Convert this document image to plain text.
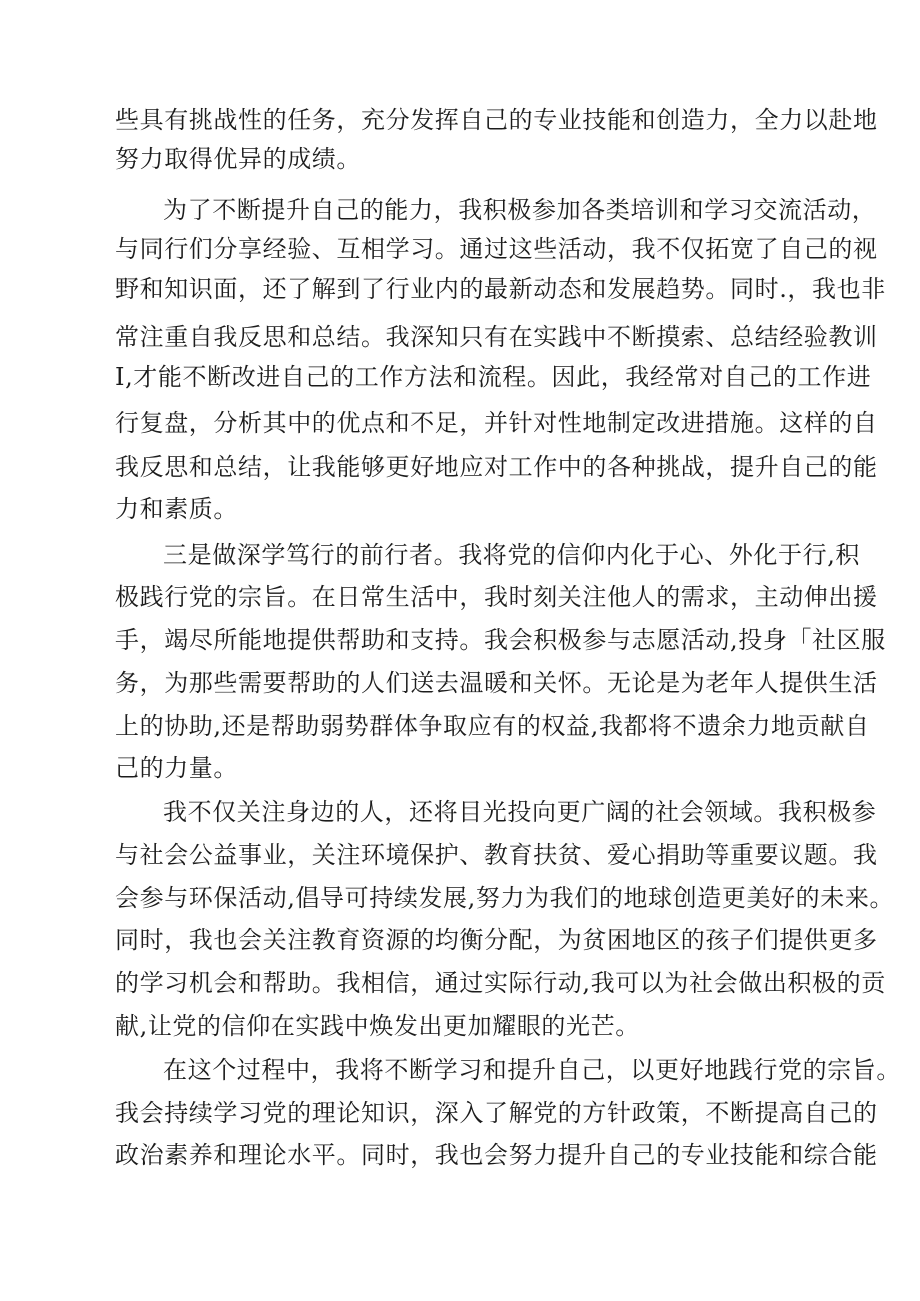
些具有挑战性的任务，充分发挥自己的专业技能和创造力，全力以赴地
努力取得优异的成绩。
为了不断提升自己的能力，我积极参加各类培训和学习交流活动，
与同行们分享经验、互相学习。通过这些活动，我不仅拓宽了自己的视
野和知识面，还了解到了行业内的最新动态和发展趋势。同时.，我也非
常注重自我反思和总结。我深知只有在实践中不断摸索、总结经验教训
I,才能不断改进自己的工作方法和流程。因此，我经常对自己的工作进
行复盘，分析其中的优点和不足，并针对性地制定改进措施。这样的自
我反思和总结，让我能够更好地应对工作中的各种挑战，提升自己的能
力和素质。
三是做深学笃行的前行者。我将党的信仰内化于心、外化于行,积
极践行党的宗旨。在日常生活中，我时刻关注他人的需求，主动伸出援
手，竭尽所能地提供帮助和支持。我会积极参与志愿活动,投身「社区服
务，为那些需要帮助的人们送去温暖和关怀。无论是为老年人提供生活
上的协助,还是帮助弱势群体争取应有的权益,我都将不遗余力地贡献自
己的力量。
我不仅关注身边的人，还将目光投向更广阔的社会领域。我积极参
与社会公益事业，关注环境保护、教育扶贫、爱心捐助等重要议题。我
会参与环保活动,倡导可持续发展,努力为我们的地球创造更美好的未来。
同时，我也会关注教育资源的均衡分配，为贫困地区的孩子们提供更多
的学习机会和帮助。我相信，通过实际行动,我可以为社会做出积极的贡
献,让党的信仰在实践中焕发出更加耀眼的光芒。
在这个过程中，我将不断学习和提升自己，以更好地践行党的宗旨。
我会持续学习党的理论知识，深入了解党的方针政策，不断提高自己的
政治素养和理论水平。同时，我也会努力提升自己的专业技能和综合能
